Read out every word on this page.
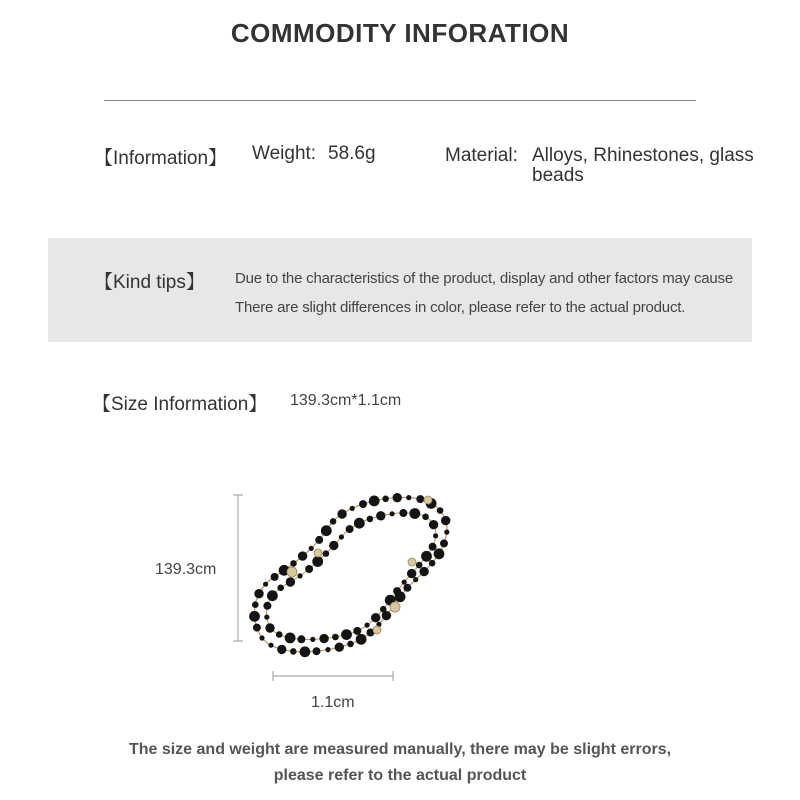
COMMODITY INFORATION
【Information】 Weight: 58.6g	Material: Alloys, Rhinestones, glass
beads
【Kind tips】 Due to the characteristics of the product, display and other factors may cause
There are slight differences in color, please refer to the actual product.
【Size Information】 139.3cm*1.1cm
139.3cm
1.1cm
The size and weight are measured manually, there may be slight errors,
please refer to the actual product
